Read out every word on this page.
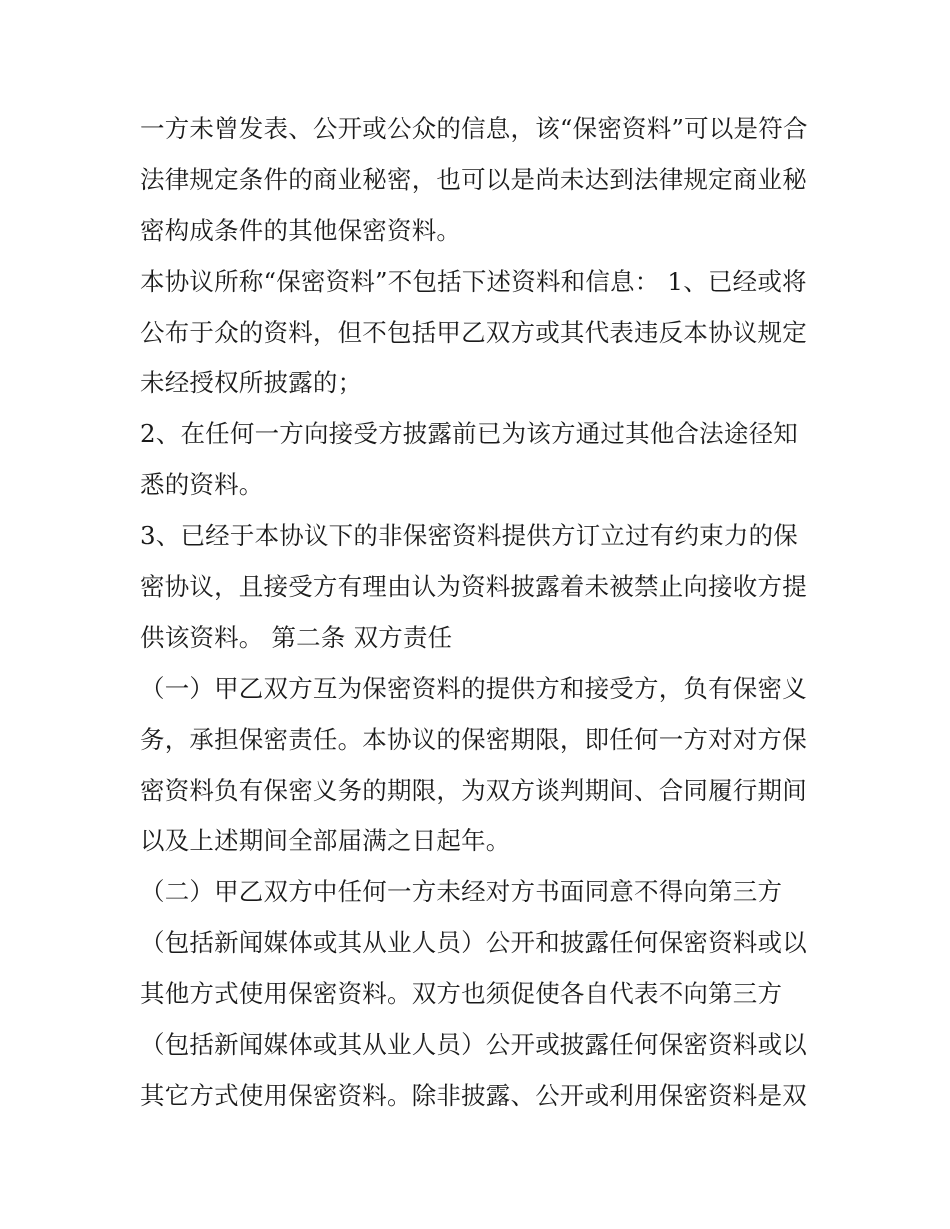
一方未曾发表、公开或公众的信息，该“保密资料”可以是符合
法律规定条件的商业秘密，也可以是尚未达到法律规定商业秘
密构成条件的其他保密资料。
本协议所称“保密资料”不包括下述资料和信息： 1、已经或将
公布于众的资料，但不包括甲乙双方或其代表违反本协议规定
未经授权所披露的；
2、在任何一方向接受方披露前已为该方通过其他合法途径知
悉的资料。
3、已经于本协议下的非保密资料提供方订立过有约束力的保
密协议，且接受方有理由认为资料披露着未被禁止向接收方提
供该资料。 第二条 双方责任
（一）甲乙双方互为保密资料的提供方和接受方，负有保密义
务，承担保密责任。本协议的保密期限，即任何一方对对方保
密资料负有保密义务的期限，为双方谈判期间、合同履行期间
以及上述期间全部届满之日起年。
（二）甲乙双方中任何一方未经对方书面同意不得向第三方
（包括新闻媒体或其从业人员）公开和披露任何保密资料或以
其他方式使用保密资料。双方也须促使各自代表不向第三方
（包括新闻媒体或其从业人员）公开或披露任何保密资料或以
其它方式使用保密资料。除非披露、公开或利用保密资料是双
